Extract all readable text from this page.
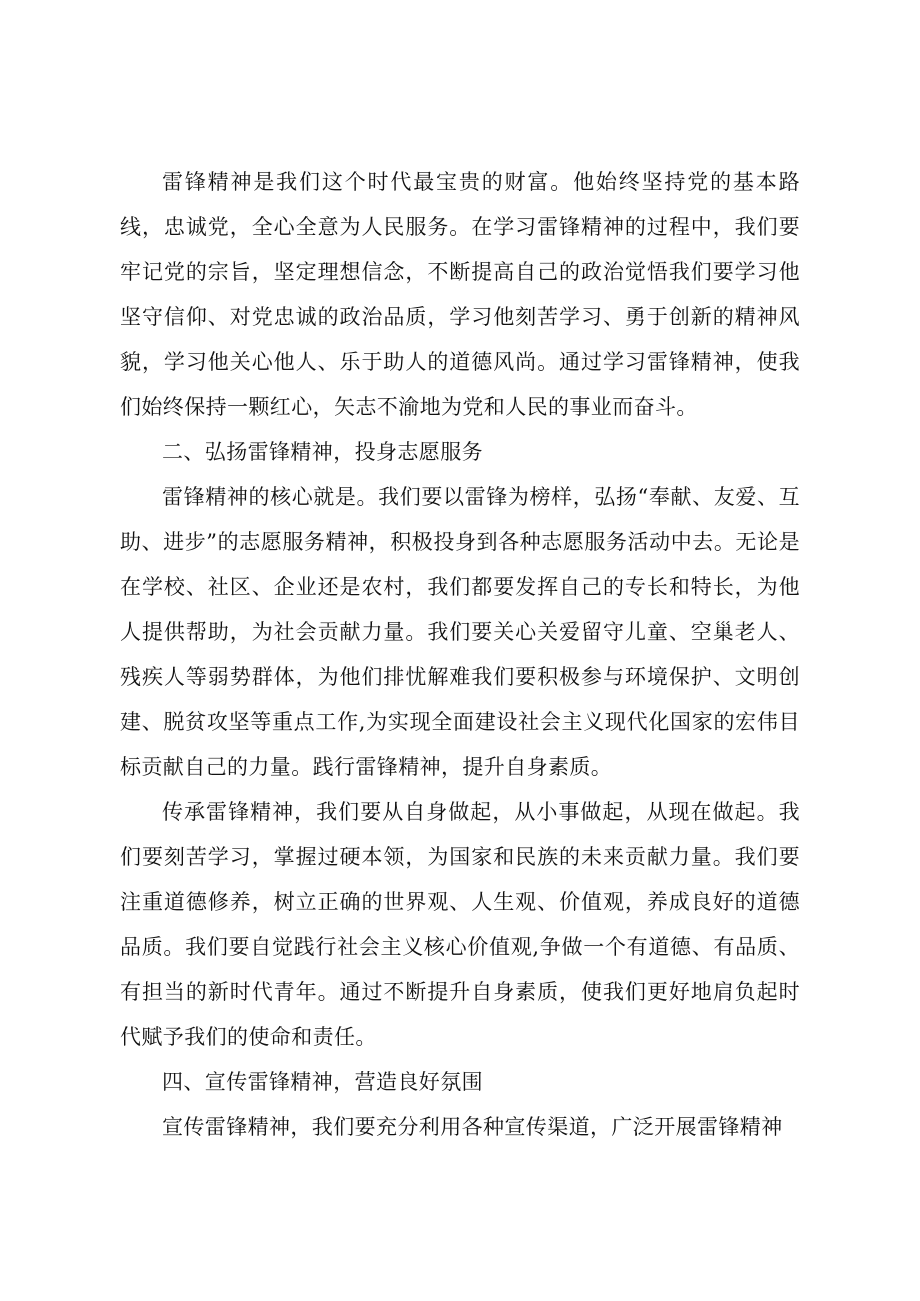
雷锋精神是我们这个时代最宝贵的财富。他始终坚持党的基本路线，忠诚党，全心全意为人民服务。在学习雷锋精神的过程中，我们要牢记党的宗旨，坚定理想信念，不断提高自己的政治觉悟我们要学习他坚守信仰、对党忠诚的政治品质，学习他刻苦学习、勇于创新的精神风貌，学习他关心他人、乐于助人的道德风尚。通过学习雷锋精神，使我们始终保持一颗红心，矢志不渝地为党和人民的事业而奋斗。

二、弘扬雷锋精神，投身志愿服务

雷锋精神的核心就是。我们要以雷锋为榜样，弘扬“奉献、友爱、互助、进步”的志愿服务精神，积极投身到各种志愿服务活动中去。无论是在学校、社区、企业还是农村，我们都要发挥自己的专长和特长，为他人提供帮助，为社会贡献力量。我们要关心关爱留守儿童、空巢老人、残疾人等弱势群体，为他们排忧解难我们要积极参与环境保护、文明创建、脱贫攻坚等重点工作,为实现全面建设社会主义现代化国家的宏伟目标贡献自己的力量。践行雷锋精神，提升自身素质。

传承雷锋精神，我们要从自身做起，从小事做起，从现在做起。我们要刻苦学习，掌握过硬本领，为国家和民族的未来贡献力量。我们要注重道德修养，树立正确的世界观、人生观、价值观，养成良好的道德品质。我们要自觉践行社会主义核心价值观,争做一个有道德、有品质、有担当的新时代青年。通过不断提升自身素质，使我们更好地肩负起时代赋予我们的使命和责任。

四、宣传雷锋精神，营造良好氛围

宣传雷锋精神，我们要充分利用各种宣传渠道，广泛开展雷锋精神
